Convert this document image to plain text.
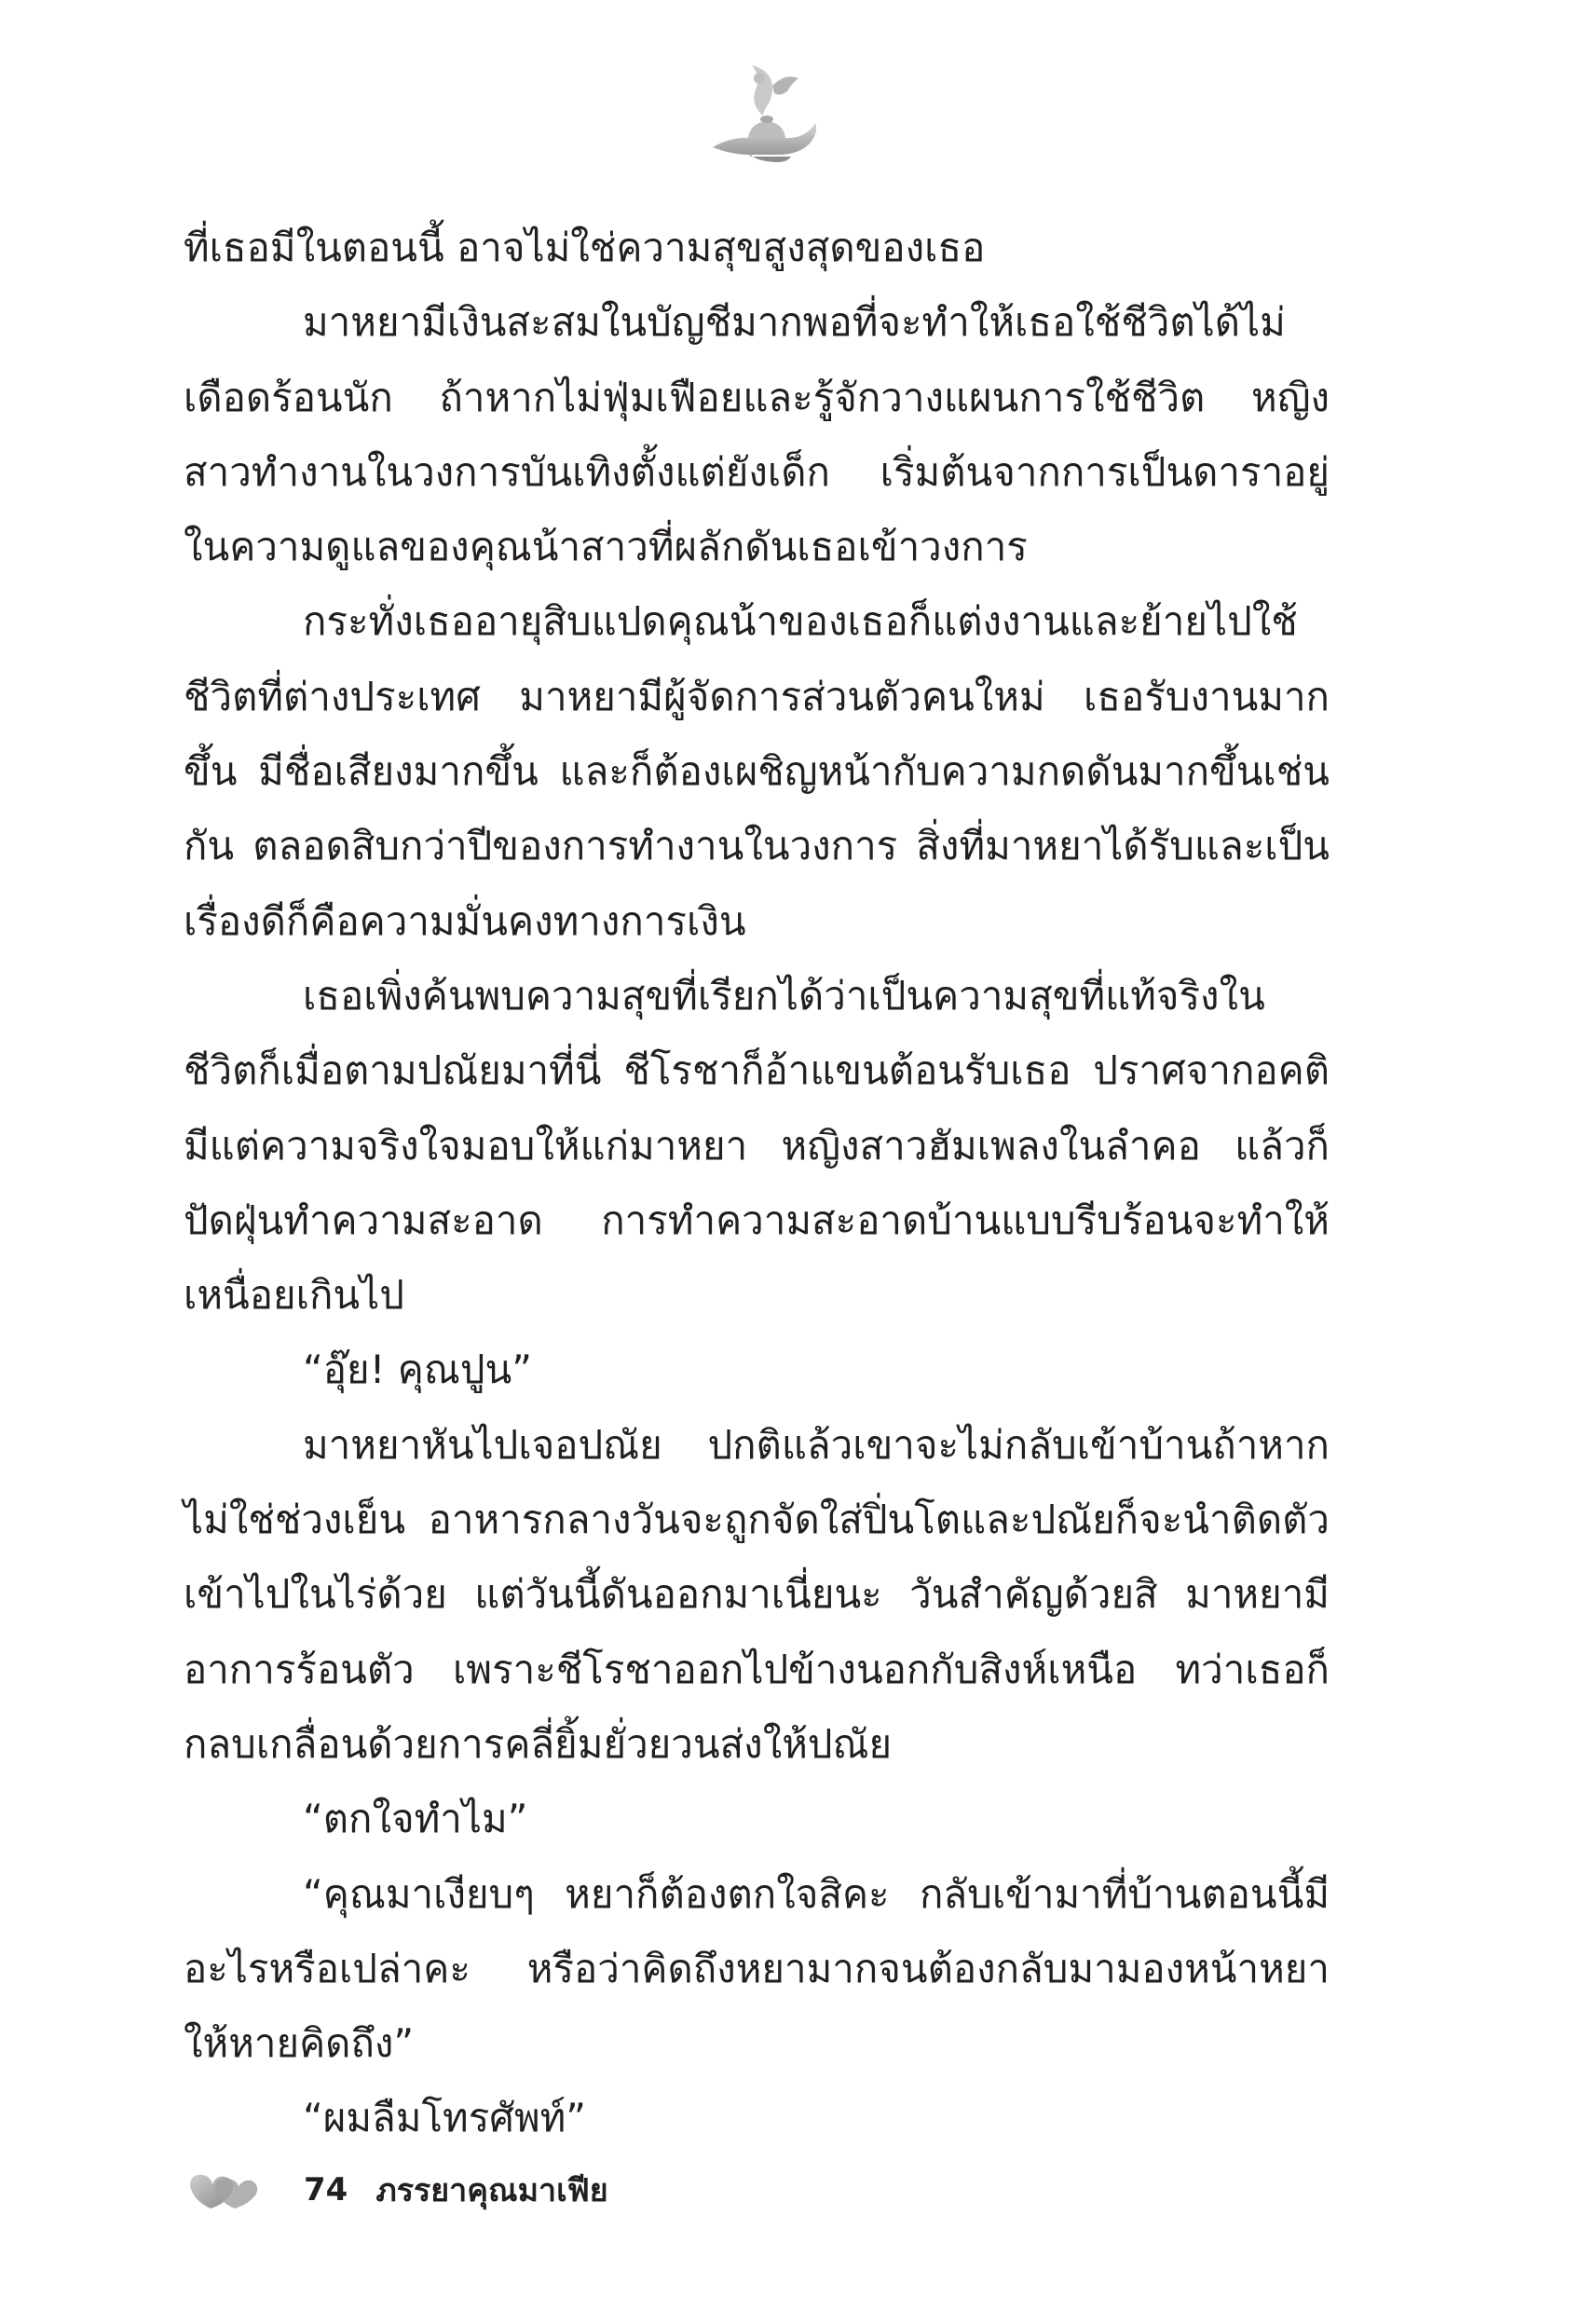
ที่เธอมีในตอนนี้ อาจไม่ใช่ความสุขสูงสุดของเธอ

มาหยามีเงินสะสมในบัญชีมากพอที่จะทำให้เธอใช้ชีวิตได้ไม่เดือดร้อนนัก ถ้าหากไม่ฟุ่มเฟือยและรู้จักวางแผนการใช้ชีวิต หญิงสาวทำงานในวงการบันเทิงตั้งแต่ยังเด็ก เริ่มต้นจากการเป็นดาราอยู่ในความดูแลของคุณน้าสาวที่ผลักดันเธอเข้าวงการ

กระทั่งเธออายุสิบแปดคุณน้าของเธอก็แต่งงานและย้ายไปใช้ชีวิตที่ต่างประเทศ มาหยามีผู้จัดการส่วนตัวคนใหม่ เธอรับงานมากขึ้น มีชื่อเสียงมากขึ้น และก็ต้องเผชิญหน้ากับความกดดันมากขึ้นเช่นกัน ตลอดสิบกว่าปีของการทำงานในวงการ สิ่งที่มาหยาได้รับและเป็นเรื่องดีก็คือความมั่นคงทางการเงิน

เธอเพิ่งค้นพบความสุขที่เรียกได้ว่าเป็นความสุขที่แท้จริงในชีวิตก็เมื่อตามปณัยมาที่นี่ ชีโรชาก็อ้าแขนต้อนรับเธอ ปราศจากอคติ มีแต่ความจริงใจมอบให้แก่มาหยา หญิงสาวฮัมเพลงในลำคอ แล้วก็ปัดฝุ่นทำความสะอาด การทำความสะอาดบ้านแบบรีบร้อนจะทำให้เหนื่อยเกินไป

“อุ๊ย! คุณปูน”

มาหยาหันไปเจอปณัย ปกติแล้วเขาจะไม่กลับเข้าบ้านถ้าหากไม่ใช่ช่วงเย็น อาหารกลางวันจะถูกจัดใส่ปิ่นโตและปณัยก็จะนำติดตัวเข้าไปในไร่ด้วย แต่วันนี้ดันออกมาเนี่ยนะ วันสำคัญด้วยสิ มาหยามีอาการร้อนตัว เพราะชีโรชาออกไปข้างนอกกับสิงห์เหนือ ทว่าเธอก็กลบเกลื่อนด้วยการคลี่ยิ้มยั่วยวนส่งให้ปณัย

“ตกใจทำไม”

“คุณมาเงียบๆ หยาก็ต้องตกใจสิคะ กลับเข้ามาที่บ้านตอนนี้มีอะไรหรือเปล่าคะ หรือว่าคิดถึงหยามากจนต้องกลับมามองหน้าหยาให้หายคิดถึง”

“ผมลืมโทรศัพท์”

74 ภรรยาคุณมาเฟีย
